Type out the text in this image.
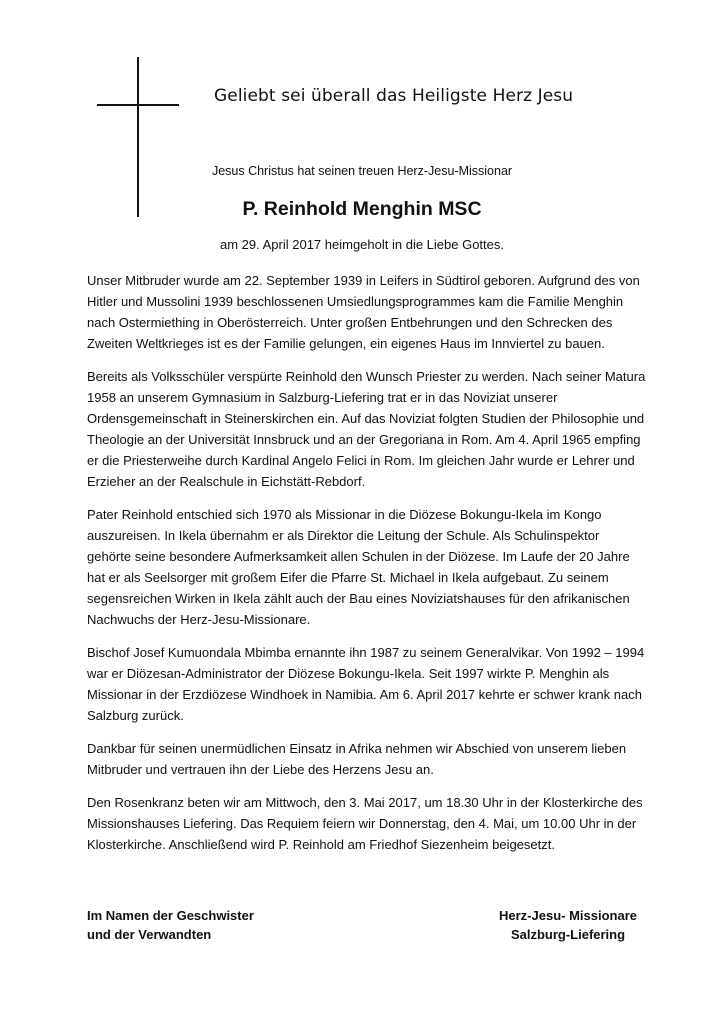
Geliebt sei überall das Heiligste Herz Jesu
Jesus Christus hat seinen treuen Herz-Jesu-Missionar
P. Reinhold Menghin MSC
am 29. April 2017 heimgeholt in die Liebe Gottes.

Unser Mitbruder wurde am 22. September 1939 in Leifers in Südtirol geboren. Aufgrund des von Hitler und Mussolini 1939 beschlossenen Umsiedlungsprogrammes kam die Familie Menghin nach Ostermiething in Oberösterreich. Unter großen Entbehrungen und den Schrecken des Zweiten Weltkrieges ist es der Familie gelungen, ein eigenes Haus im Innviertel zu bauen.

Bereits als Volksschüler verspürte Reinhold den Wunsch Priester zu werden. Nach seiner Matura 1958 an unserem Gymnasium in Salzburg-Liefering trat er in das Noviziat unserer Ordensgemeinschaft in Steinerskirchen ein. Auf das Noviziat folgten Studien der Philosophie und Theologie an der Universität Innsbruck und an der Gregoriana in Rom. Am 4. April 1965 empfing er die Priesterweihe durch Kardinal Angelo Felici in Rom. Im gleichen Jahr wurde er Lehrer und Erzieher an der Realschule in Eichstätt-Rebdorf.

Pater Reinhold entschied sich 1970 als Missionar in die Diözese Bokungu-Ikela im Kongo auszureisen. In Ikela übernahm er als Direktor die Leitung der Schule. Als Schulinspektor gehörte seine besondere Aufmerksamkeit allen Schulen in der Diözese. Im Laufe der 20 Jahre hat er als Seelsorger mit großem Eifer die Pfarre St. Michael in Ikela aufgebaut. Zu seinem segensreichen Wirken in Ikela zählt auch der Bau eines Noviziatshauses für den afrikanischen Nachwuchs der Herz-Jesu-Missionare.

Bischof Josef Kumuondala Mbimba ernannte ihn 1987 zu seinem Generalvikar. Von 1992 – 1994 war er Diözesan-Administrator der Diözese Bokungu-Ikela. Seit 1997 wirkte P. Menghin als Missionar in der Erzdiözese Windhoek in Namibia. Am 6. April 2017 kehrte er schwer krank nach Salzburg zurück.

Dankbar für seinen unermüdlichen Einsatz in Afrika nehmen wir Abschied von unserem lieben Mitbruder und vertrauen ihn der Liebe des Herzens Jesu an.

Den Rosenkranz beten wir am Mittwoch, den 3. Mai 2017, um 18.30 Uhr in der Klosterkirche des Missionshauses Liefering. Das Requiem feiern wir Donnerstag, den 4. Mai, um 10.00 Uhr in der Klosterkirche. Anschließend wird P. Reinhold am Friedhof Siezenheim beigesetzt.

Im Namen der Geschwister
und der Verwandten
Herz-Jesu- Missionare
Salzburg-Liefering
